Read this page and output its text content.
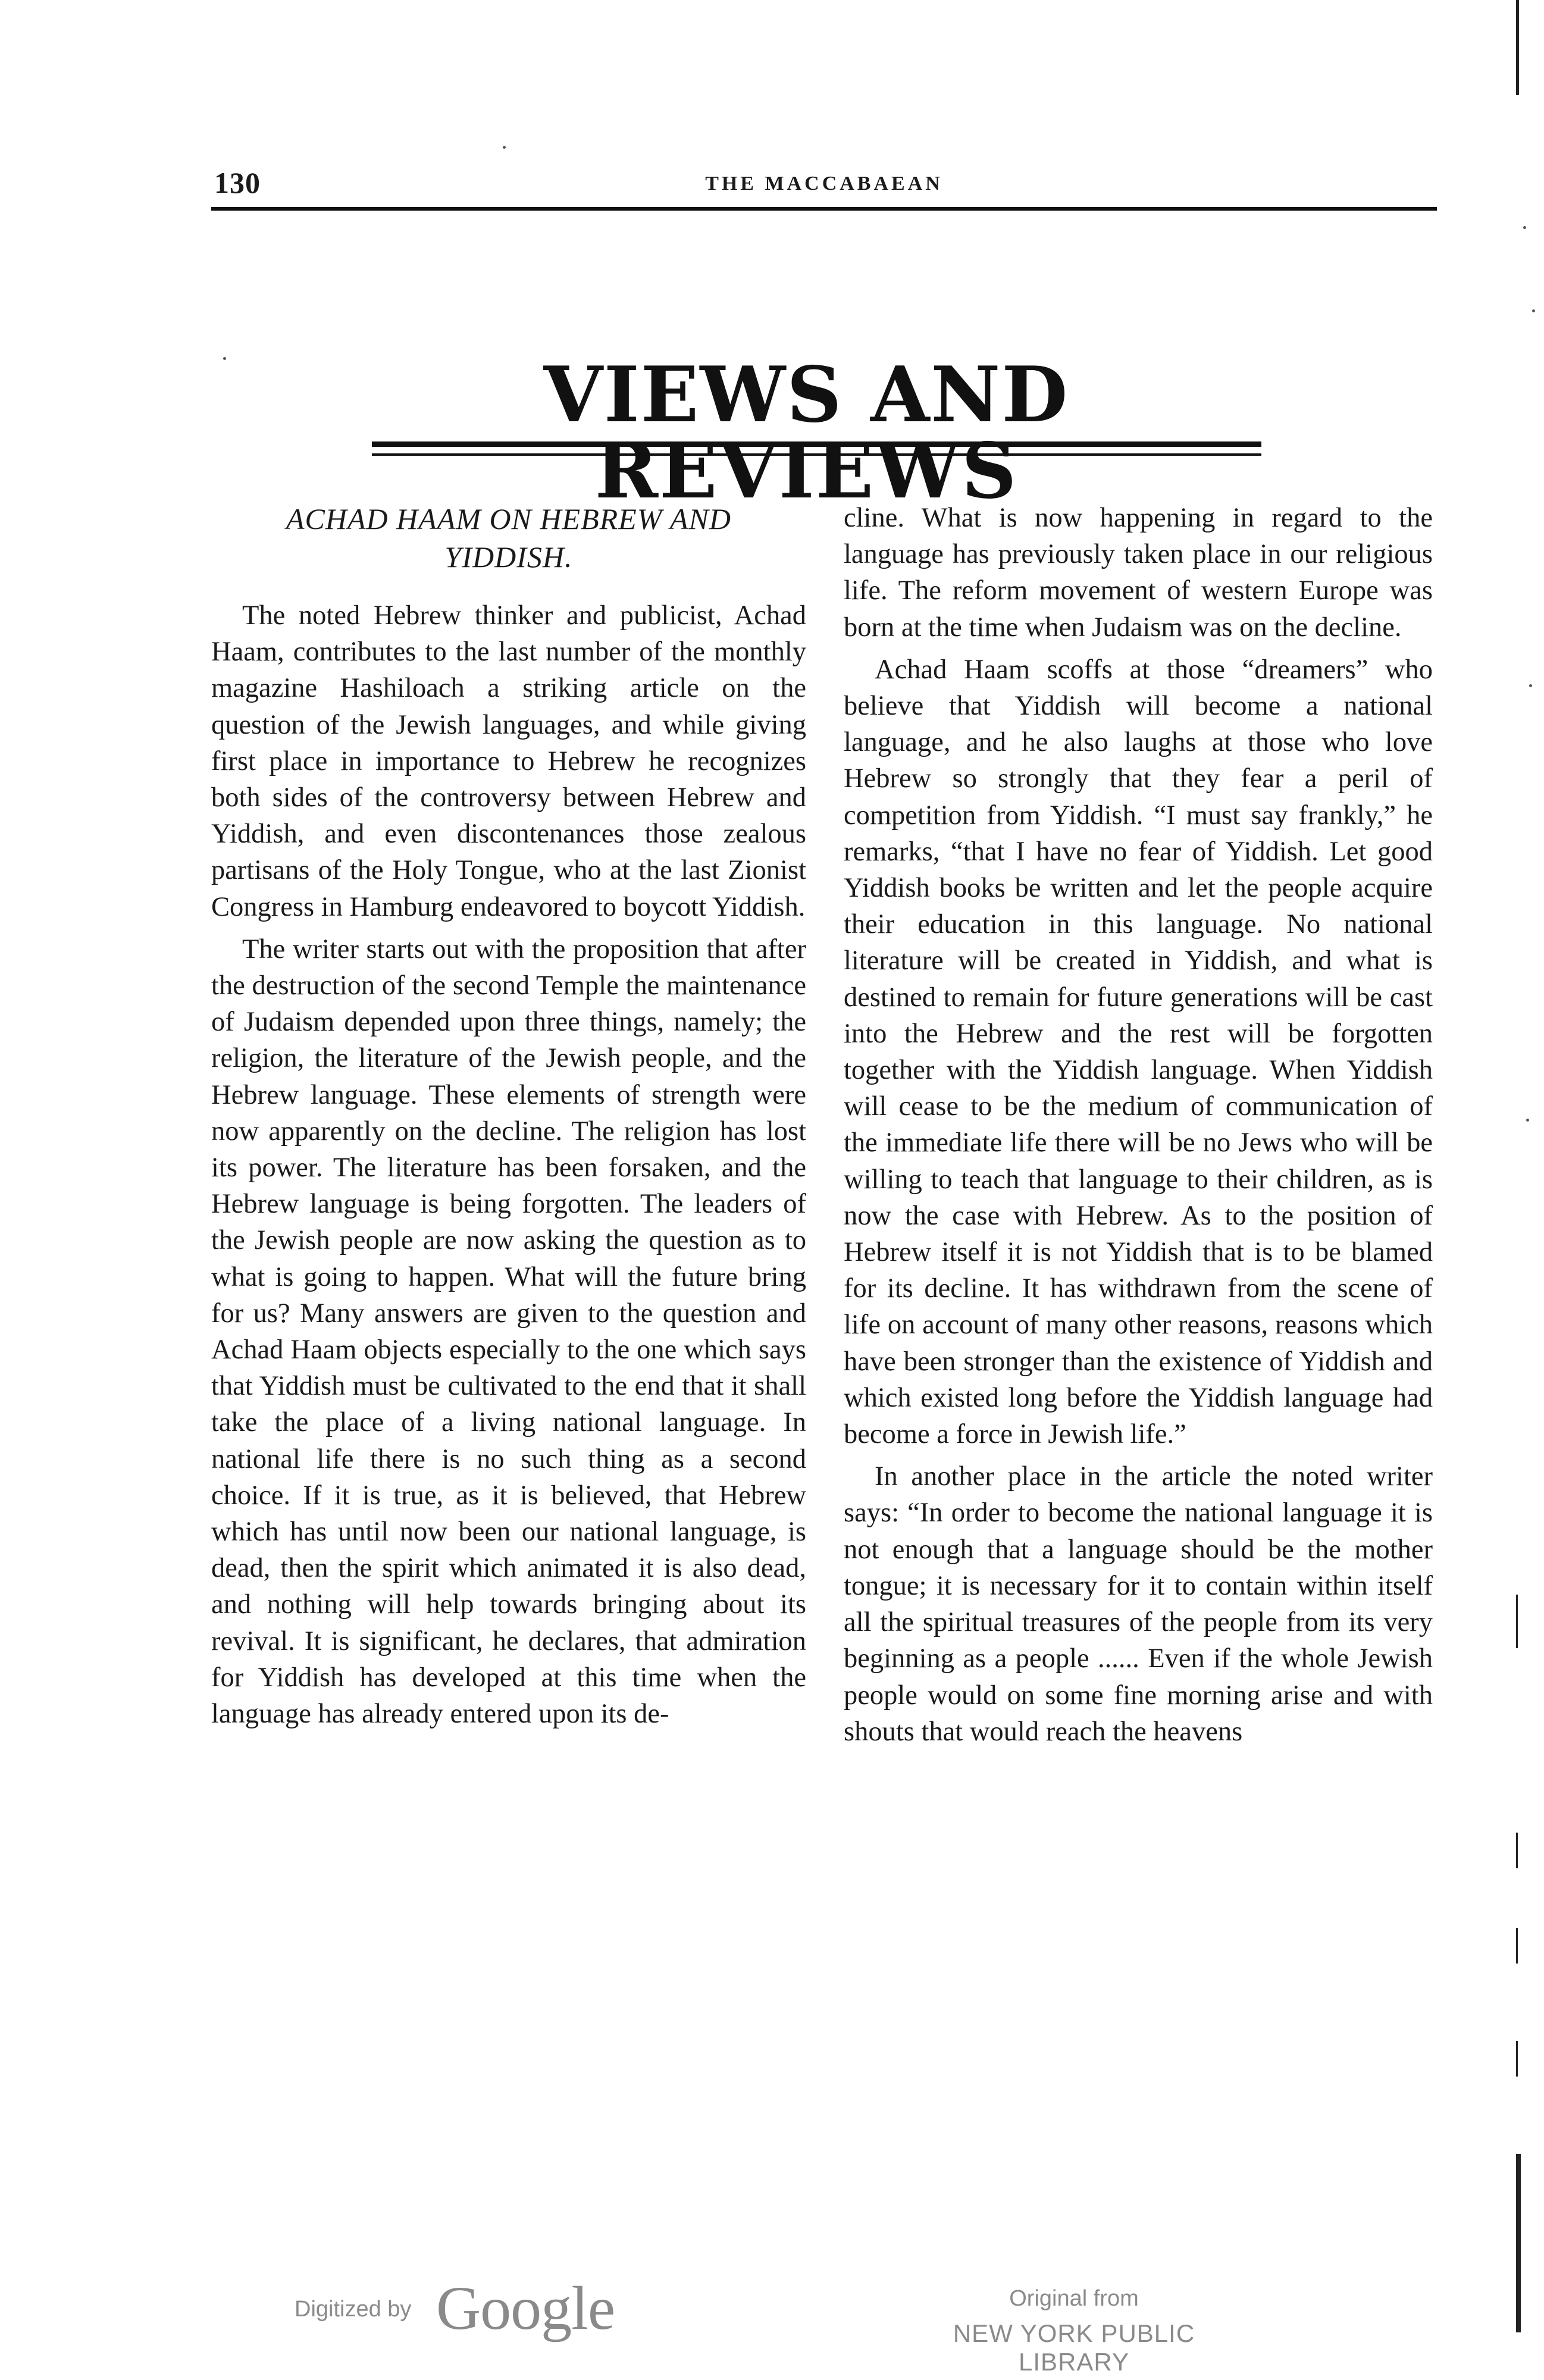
130	THE MACCABAEAN
VIEWS AND REVIEWS
ACHAD HAAM ON HEBREW AND YIDDISH.

The noted Hebrew thinker and publicist, Achad Haam, contributes to the last number of the monthly magazine Hashiloach a striking article on the question of the Jewish languages, and while giving first place in importance to Hebrew he recognizes both sides of the controversy between Hebrew and Yiddish, and even discontenances those zealous partisans of the Holy Tongue, who at the last Zionist Congress in Hamburg endeavored to boycott Yiddish.

The writer starts out with the proposition that after the destruction of the second Temple the maintenance of Judaism depended upon three things, namely; the religion, the literature of the Jewish people, and the Hebrew language. These elements of strength were now apparently on the decline. The religion has lost its power. The literature has been forsaken, and the Hebrew language is being forgotten. The leaders of the Jewish people are now asking the question as to what is going to happen. What will the future bring for us? Many answers are given to the question and Achad Haam objects especially to the one which says that Yiddish must be cultivated to the end that it shall take the place of a living national language. In national life there is no such thing as a second choice. If it is true, as it is believed, that Hebrew which has until now been our national language, is dead, then the spirit which animated it is also dead, and nothing will help towards bringing about its revival. It is significant, he declares, that admiration for Yiddish has developed at this time when the language has already entered upon its de-

cline. What is now happening in regard to the language has previously taken place in our religious life. The reform movement of western Europe was born at the time when Judaism was on the decline.

Achad Haam scoffs at those “dreamers” who believe that Yiddish will become a national language, and he also laughs at those who love Hebrew so strongly that they fear a peril of competition from Yiddish. “I must say frankly,” he remarks, “that I have no fear of Yiddish. Let good Yiddish books be written and let the people acquire their education in this language. No national literature will be created in Yiddish, and what is destined to remain for future generations will be cast into the Hebrew and the rest will be forgotten together with the Yiddish language. When Yiddish will cease to be the medium of communication of the immediate life there will be no Jews who will be willing to teach that language to their children, as is now the case with Hebrew. As to the position of Hebrew itself it is not Yiddish that is to be blamed for its decline. It has withdrawn from the scene of life on account of many other reasons, reasons which have been stronger than the existence of Yiddish and which existed long before the Yiddish language had become a force in Jewish life.”

In another place in the article the noted writer says: “In order to become the national language it is not enough that a language should be the mother tongue; it is necessary for it to contain within itself all the spiritual treasures of the people from its very beginning as a people ...... Even if the whole Jewish people would on some fine morning arise and with shouts that would reach the heavens

Digitized by Google	Original from
NEW YORK PUBLIC LIBRARY
